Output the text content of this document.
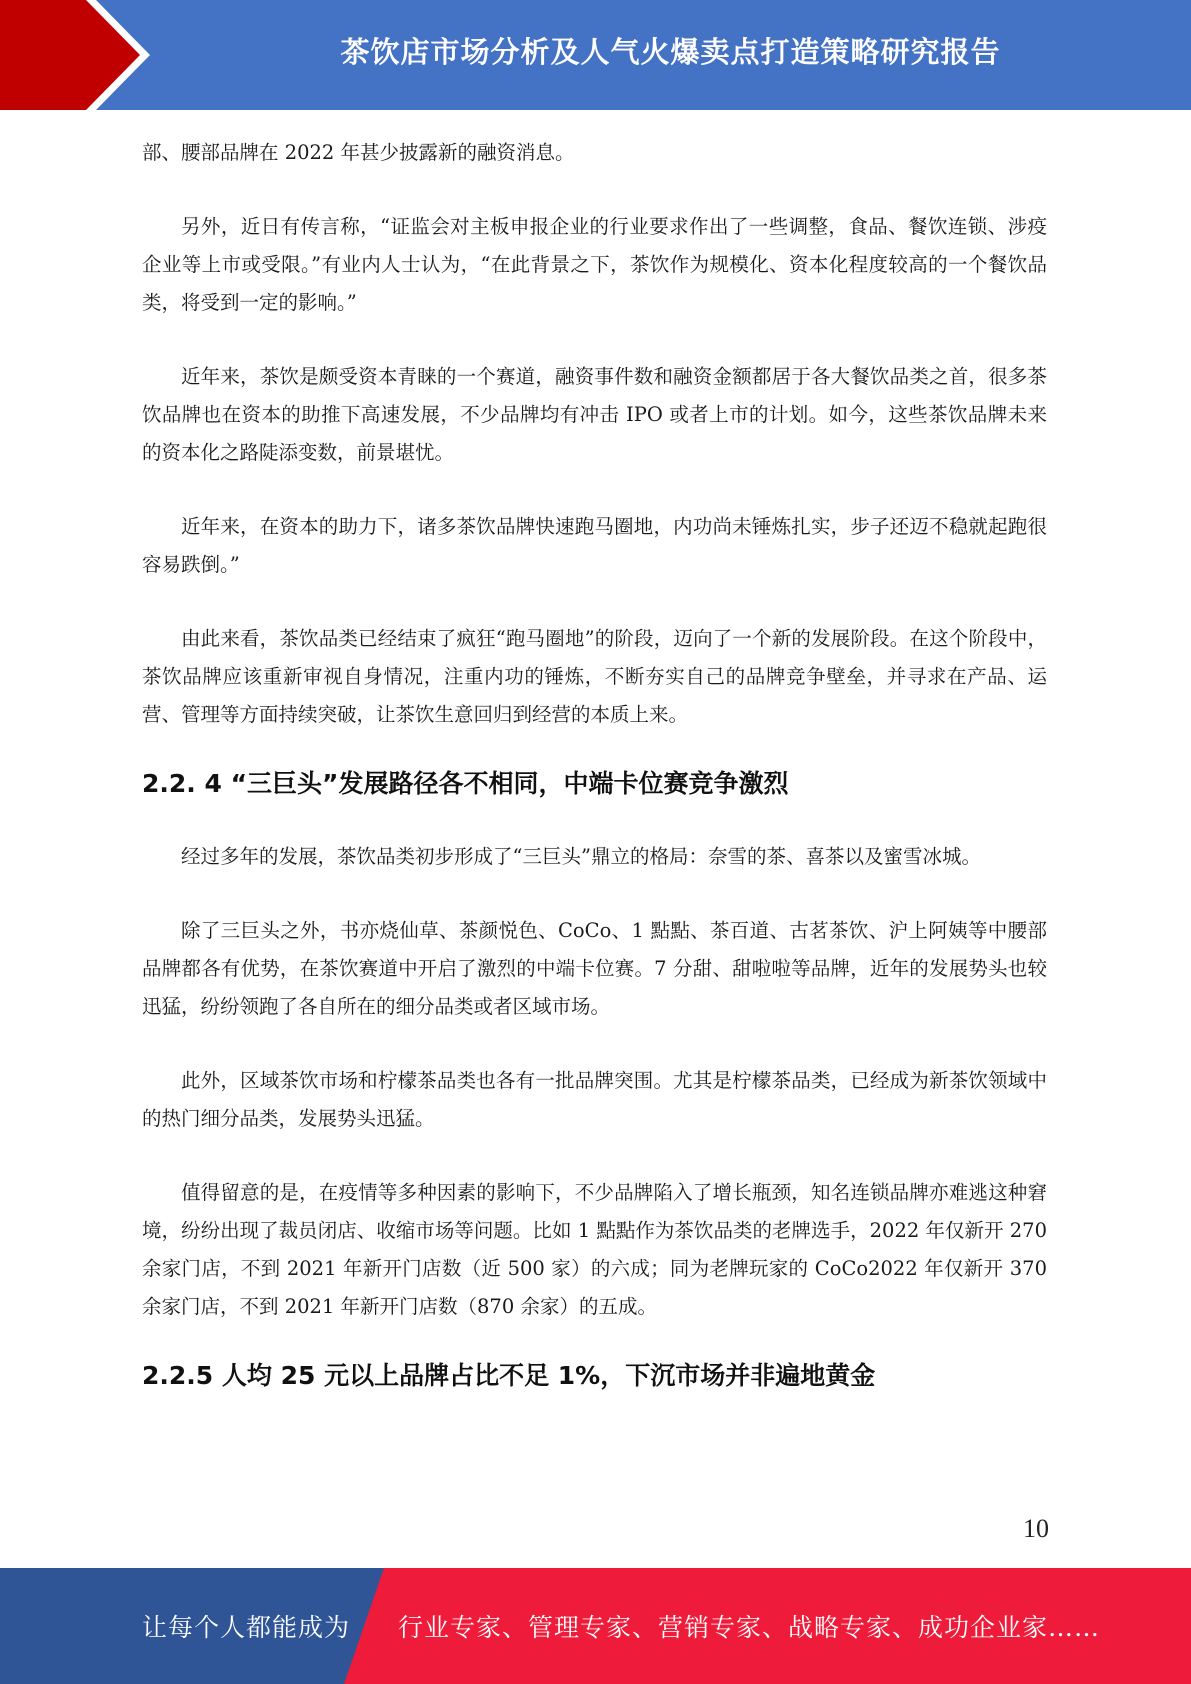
茶饮店市场分析及人气火爆卖点打造策略研究报告

部、腰部品牌在 2022 年甚少披露新的融资消息。

另外，近日有传言称，“证监会对主板申报企业的行业要求作出了一些调整，食品、餐饮连锁、涉疫企业等上市或受限。”有业内人士认为，“在此背景之下，茶饮作为规模化、资本化程度较高的一个餐饮品类，将受到一定的影响。”

近年来，茶饮是颇受资本青睐的一个赛道，融资事件数和融资金额都居于各大餐饮品类之首，很多茶饮品牌也在资本的助推下高速发展，不少品牌均有冲击 IPO 或者上市的计划。如今，这些茶饮品牌未来的资本化之路陡添变数，前景堪忧。

近年来，在资本的助力下，诸多茶饮品牌快速跑马圈地，内功尚未锤炼扎实，步子还迈不稳就起跑很容易跌倒。”

由此来看，茶饮品类已经结束了疯狂“跑马圈地”的阶段，迈向了一个新的发展阶段。在这个阶段中，茶饮品牌应该重新审视自身情况，注重内功的锤炼，不断夯实自己的品牌竞争壁垒，并寻求在产品、运营、管理等方面持续突破，让茶饮生意回归到经营的本质上来。

2.2. 4 “三巨头”发展路径各不相同，中端卡位赛竞争激烈

经过多年的发展，茶饮品类初步形成了“三巨头”鼎立的格局：奈雪的茶、喜茶以及蜜雪冰城。

除了三巨头之外，书亦烧仙草、茶颜悦色、CoCo、1 點點、茶百道、古茗茶饮、沪上阿姨等中腰部品牌都各有优势，在茶饮赛道中开启了激烈的中端卡位赛。7 分甜、甜啦啦等品牌，近年的发展势头也较迅猛，纷纷领跑了各自所在的细分品类或者区域市场。

此外，区域茶饮市场和柠檬茶品类也各有一批品牌突围。尤其是柠檬茶品类，已经成为新茶饮领域中的热门细分品类，发展势头迅猛。

值得留意的是，在疫情等多种因素的影响下，不少品牌陷入了增长瓶颈，知名连锁品牌亦难逃这种窘境，纷纷出现了裁员闭店、收缩市场等问题。比如 1 點點作为茶饮品类的老牌选手，2022 年仅新开 270 余家门店，不到 2021 年新开门店数（近 500 家）的六成；同为老牌玩家的 CoCo2022 年仅新开 370 余家门店，不到 2021 年新开门店数（870 余家）的五成。

2.2.5 人均 25 元以上品牌占比不足 1%，下沉市场并非遍地黄金
10
让每个人都能成为 行业专家、管理专家、营销专家、战略专家、成功企业家……
